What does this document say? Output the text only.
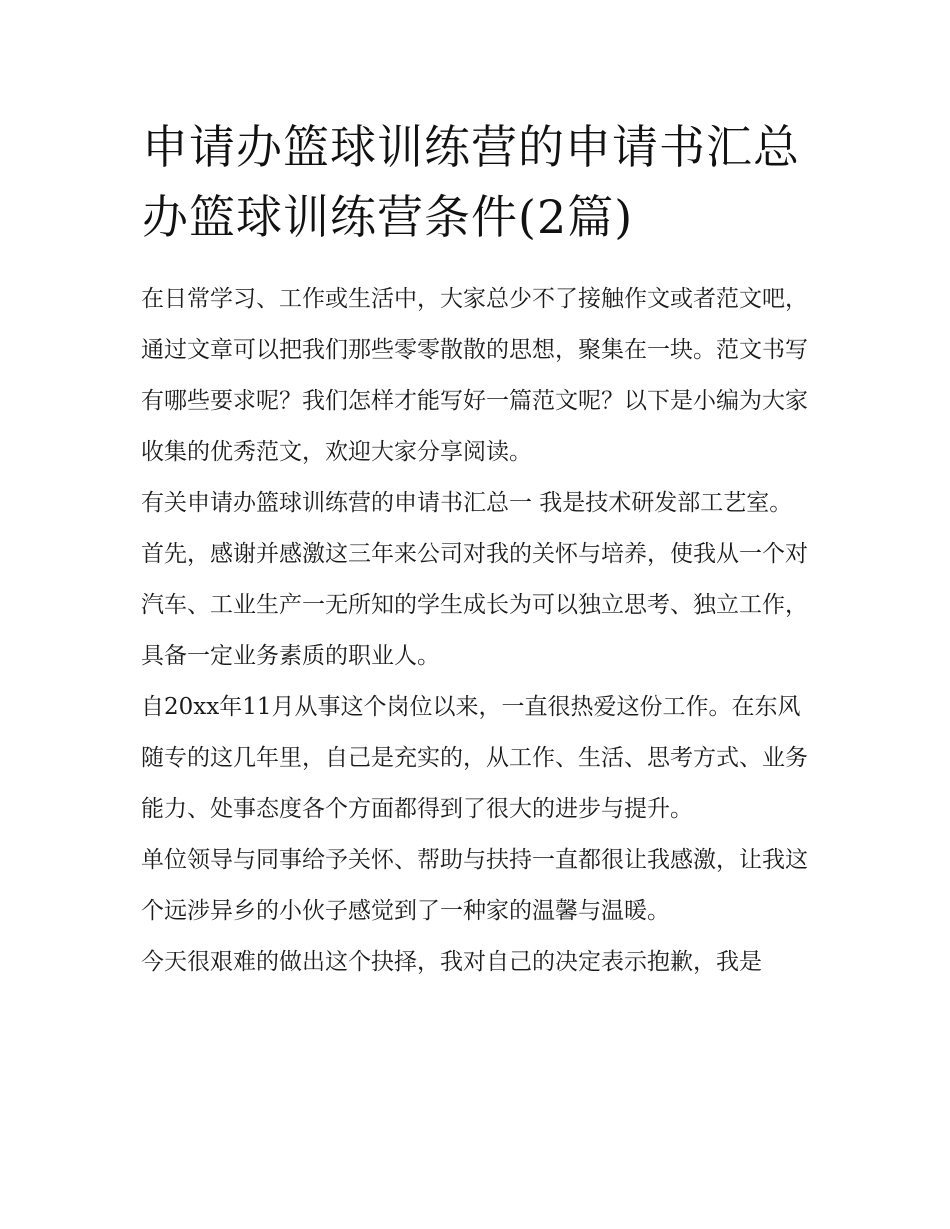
申请办篮球训练营的申请书汇总 办篮球训练营条件(2篇)

在日常学习、工作或生活中，大家总少不了接触作文或者范文吧，通过文章可以把我们那些零零散散的思想，聚集在一块。范文书写有哪些要求呢？我们怎样才能写好一篇范文呢？以下是小编为大家收集的优秀范文，欢迎大家分享阅读。

有关申请办篮球训练营的申请书汇总一 我是技术研发部工艺室。

首先，感谢并感激这三年来公司对我的关怀与培养，使我从一个对汽车、工业生产一无所知的学生成长为可以独立思考、独立工作，具备一定业务素质的职业人。

自20xx年11月从事这个岗位以来，一直很热爱这份工作。在东风随专的这几年里，自己是充实的，从工作、生活、思考方式、业务能力、处事态度各个方面都得到了很大的进步与提升。

单位领导与同事给予关怀、帮助与扶持一直都很让我感激，让我这个远涉异乡的小伙子感觉到了一种家的温馨与温暖。

今天很艰难的做出这个抉择，我对自己的决定表示抱歉，我是
